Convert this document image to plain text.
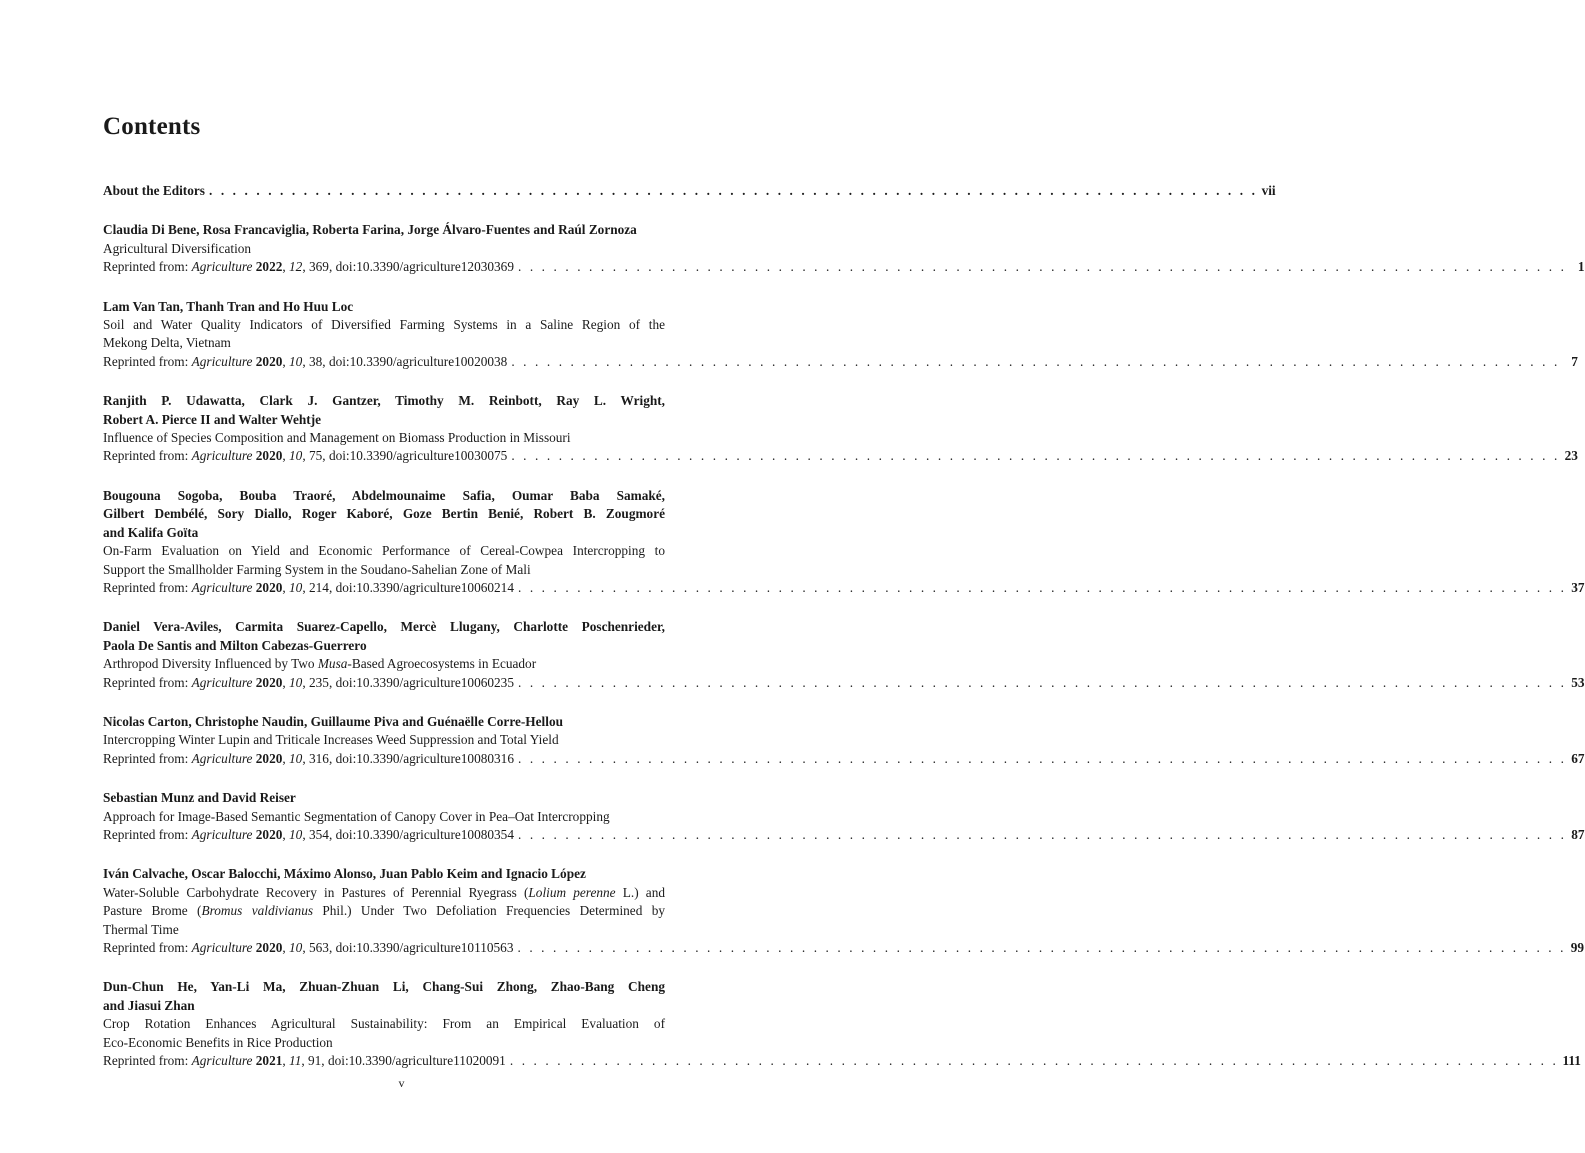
Contents
About the Editors . . .	vii
Claudia Di Bene, Rosa Francaviglia, Roberta Farina, Jorge Álvaro-Fuentes and Raúl Zornoza
Agricultural Diversification
Reprinted from: Agriculture 2022, 12, 369, doi:10.3390/agriculture12030369 . . .	1
Lam Van Tan, Thanh Tran and Ho Huu Loc
Soil and Water Quality Indicators of Diversified Farming Systems in a Saline Region of the
Mekong Delta, Vietnam
Reprinted from: Agriculture 2020, 10, 38, doi:10.3390/agriculture10020038 . . .	7
Ranjith P. Udawatta, Clark J. Gantzer, Timothy M. Reinbott, Ray L. Wright,
Robert A. Pierce II and Walter Wehtje
Influence of Species Composition and Management on Biomass Production in Missouri
Reprinted from: Agriculture 2020, 10, 75, doi:10.3390/agriculture10030075 . . .	23
Bougouna Sogoba, Bouba Traoré, Abdelmounaime Safia, Oumar Baba Samaké,
Gilbert Dembélé, Sory Diallo, Roger Kaboré, Goze Bertin Benié, Robert B. Zougmoré
and Kalifa Goïta
On-Farm Evaluation on Yield and Economic Performance of Cereal-Cowpea Intercropping to
Support the Smallholder Farming System in the Soudano-Sahelian Zone of Mali
Reprinted from: Agriculture 2020, 10, 214, doi:10.3390/agriculture10060214 . . .	37
Daniel Vera-Aviles, Carmita Suarez-Capello, Mercè Llugany, Charlotte Poschenrieder,
Paola De Santis and Milton Cabezas-Guerrero
Arthropod Diversity Influenced by Two Musa-Based Agroecosystems in Ecuador
Reprinted from: Agriculture 2020, 10, 235, doi:10.3390/agriculture10060235 . . .	53
Nicolas Carton, Christophe Naudin, Guillaume Piva and Guénaëlle Corre-Hellou
Intercropping Winter Lupin and Triticale Increases Weed Suppression and Total Yield
Reprinted from: Agriculture 2020, 10, 316, doi:10.3390/agriculture10080316 . . .	67
Sebastian Munz and David Reiser
Approach for Image-Based Semantic Segmentation of Canopy Cover in Pea–Oat Intercropping
Reprinted from: Agriculture 2020, 10, 354, doi:10.3390/agriculture10080354 . . .	87
Iván Calvache, Oscar Balocchi, Máximo Alonso, Juan Pablo Keim and Ignacio López
Water-Soluble Carbohydrate Recovery in Pastures of Perennial Ryegrass (Lolium perenne L.) and
Pasture Brome (Bromus valdivianus Phil.) Under Two Defoliation Frequencies Determined by
Thermal Time
Reprinted from: Agriculture 2020, 10, 563, doi:10.3390/agriculture10110563 . . .	99
Dun-Chun He, Yan-Li Ma, Zhuan-Zhuan Li, Chang-Sui Zhong, Zhao-Bang Cheng
and Jiasui Zhan
Crop Rotation Enhances Agricultural Sustainability: From an Empirical Evaluation of
Eco-Economic Benefits in Rice Production
Reprinted from: Agriculture 2021, 11, 91, doi:10.3390/agriculture11020091 . . .	111
v
